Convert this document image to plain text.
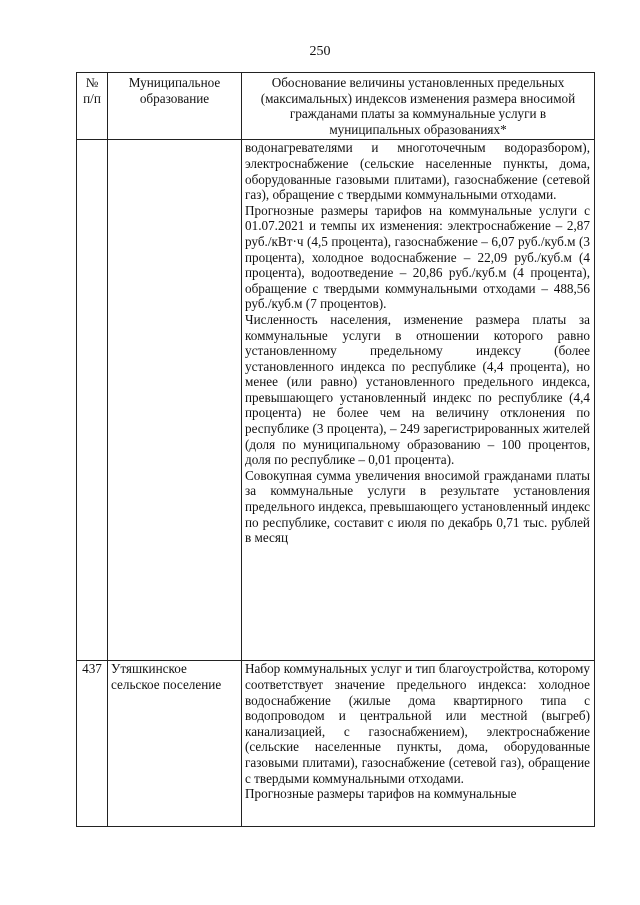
250
№ п/п	Муниципальное образование	Обоснование величины установленных предельных (максимальных) индексов изменения размера вносимой гражданами платы за коммунальные услуги в муниципальных образованиях*

		водонагревателями и многоточечным водоразбором), электроснабжение (сельские населенные пункты, дома, оборудованные газовыми плитами), газоснабжение (сетевой газ), обращение с твердыми коммунальными отходами.

Прогнозные размеры тарифов на коммунальные услуги с 01.07.2021 и темпы их изменения: электроснабжение – 2,87 руб./кВт·ч (4,5 процента), газоснабжение – 6,07 руб./куб.м (3 процента), холодное водоснабжение – 22,09 руб./куб.м (4 процента), водоотведение – 20,86 руб./куб.м (4 процента), обращение с твердыми коммунальными отходами – 488,56 руб./куб.м (7 процентов).

Численность населения, изменение размера платы за коммунальные услуги в отношении которого равно установленному предельному индексу (более установленного индекса по республике (4,4 процента), но менее (или равно) установленного предельного индекса, превышающего установленный индекс по республике (4,4 процента) не более чем на величину отклонения по республике (3 процента), – 249 зарегистрированных жителей (доля по муниципальному образованию – 100 процентов, доля по республике – 0,01 процента).

Совокупная сумма увеличения вносимой гражданами платы за коммунальные услуги в результате установления предельного индекса, превышающего установленный индекс по республике, составит с июля по декабрь 0,71 тыс. рублей в месяц

437	Утяшкинское сельское поселение	Набор коммунальных услуг и тип благоустройства, которому соответствует значение предельного индекса: холодное водоснабжение (жилые дома квартирного типа с водопроводом и центральной или местной (выгреб) канализацией, с газоснабжением), электроснабжение (сельские населенные пункты, дома, оборудованные газовыми плитами), газоснабжение (сетевой газ), обращение с твердыми коммунальными отходами.

Прогнозные размеры тарифов на коммунальные
